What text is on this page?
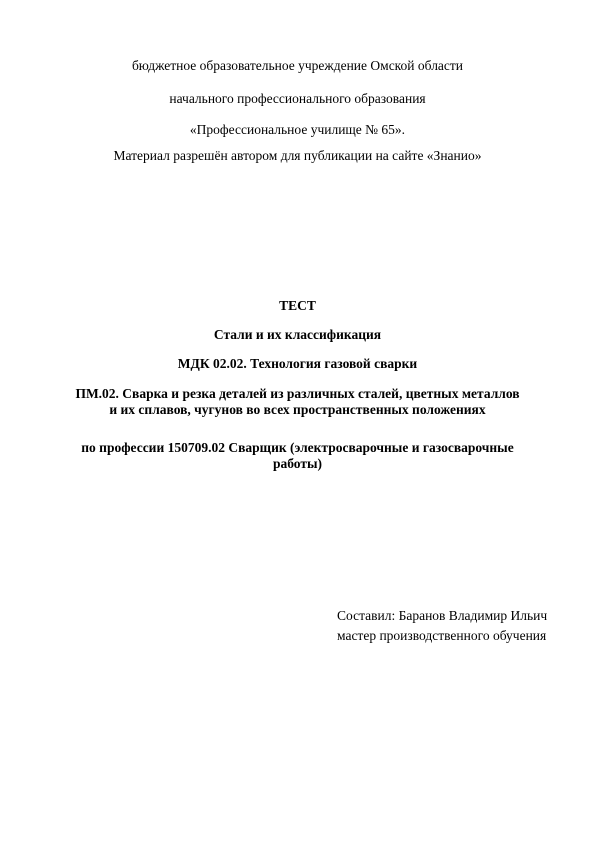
бюджетное образовательное учреждение Омской области
начального профессионального образования
«Профессиональное училище № 65».
Материал разрешён автором для публикации на сайте «Знанио»
ТЕСТ
Стали и их классификация
МДК 02.02. Технология газовой сварки
ПМ.02. Сварка и резка деталей из различных сталей, цветных металлов
и их сплавов, чугунов во всех пространственных положениях
по профессии 150709.02 Сварщик (электросварочные и газосварочные
работы)
Составил: Баранов Владимир Ильич
мастер производственного обучения
